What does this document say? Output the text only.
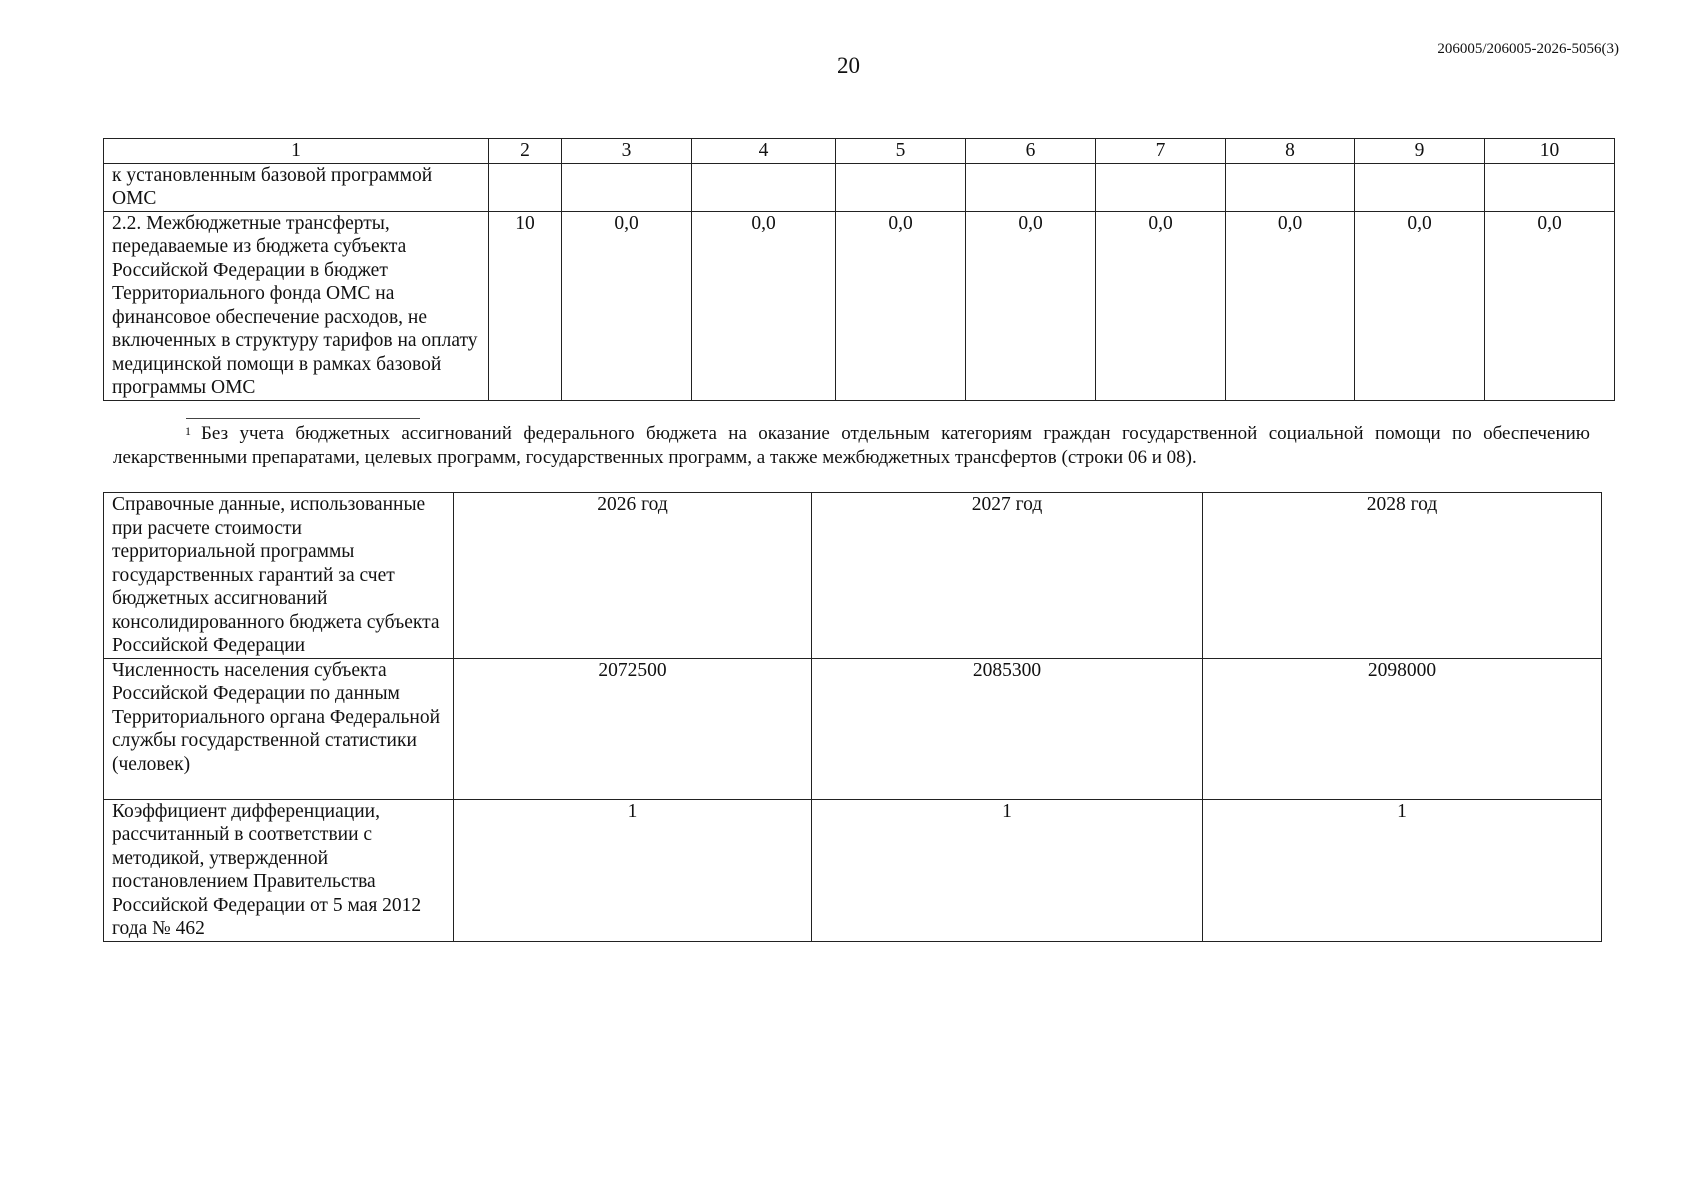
20
206005/206005-2026-5056(3)
1	2	3	4	5	6	7	8	9	10
к установленным базовой программой ОМС									
2.2. Межбюджетные трансферты, передаваемые из бюджета субъекта Российской Федерации в бюджет Территориального фонда ОМС на финансовое обеспечение расходов, не включенных в структуру тарифов на оплату медицинской помощи в рамках базовой программы ОМС	10	0,0	0,0	0,0	0,0	0,0	0,0	0,0	0,0
$^1$ Без учета бюджетных ассигнований федерального бюджета на оказание отдельным категориям граждан государственной социальной помощи по обеспечению лекарственными препаратами, целевых программ, государственных программ, а также межбюджетных трансфертов (строки 06 и 08).
Справочные данные, использованные при расчете стоимости территориальной программы государственных гарантий за счет бюджетных ассигнований консолидированного бюджета субъекта Российской Федерации	2026 год	2027 год	2028 год
Численность населения субъекта Российской Федерации по данным Территориального органа Федеральной службы государственной статистики (человек)	2072500	2085300	2098000
Коэффициент дифференциации, рассчитанный в соответствии с методикой, утвержденной постановлением Правительства Российской Федерации от 5 мая 2012 года № 462	1	1	1
